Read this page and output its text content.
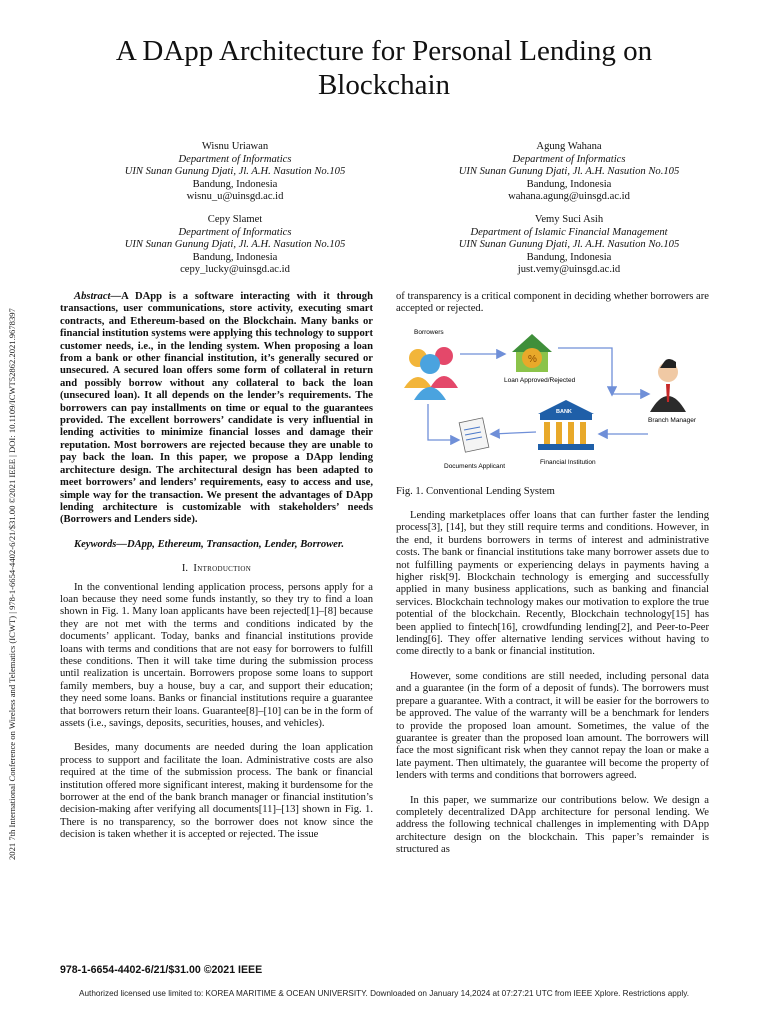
A DApp Architecture for Personal Lending on Blockchain
Wisnu Uriawan
Department of Informatics
UIN Sunan Gunung Djati, Jl. A.H. Nasution No.105
Bandung, Indonesia
wisnu_u@uinsgd.ac.id
Agung Wahana
Department of Informatics
UIN Sunan Gunung Djati, Jl. A.H. Nasution No.105
Bandung, Indonesia
wahana.agung@uinsgd.ac.id
Cepy Slamet
Department of Informatics
UIN Sunan Gunung Djati, Jl. A.H. Nasution No.105
Bandung, Indonesia
cepy_lucky@uinsgd.ac.id
Vemy Suci Asih
Department of Islamic Financial Management
UIN Sunan Gunung Djati, Jl. A.H. Nasution No.105
Bandung, Indonesia
just.vemy@uinsgd.ac.id
2021 7th International Conference on Wireless and Telematics (ICWT) | 978-1-6654-4402-6/21/$31.00 ©2021 IEEE | DOI: 10.1109/ICWT52862.2021.9678397

Abstract—A DApp is a software interacting with it through transactions, user communications, store activity, executing smart contracts, and Ethereum-based on the Blockchain. Many banks or financial institution systems were applying this technology to support customer needs, i.e., in the lending system. When proposing a loan from a bank or other financial institution, it’s generally secured or unsecured. A secured loan offers some form of collateral in return and possibly borrow without any collateral to back the loan (unsecured loan). It all depends on the lender’s requirements. The borrowers can pay installments on time or equal to the guarantees provided. The excellent borrowers’ candidate is very influential in lending activities to minimize financial losses and damage their reputation. Most borrowers are rejected because they are unable to pay back the loan. In this paper, we propose a DApp lending architecture design. The architectural design has been adapted to meet borrowers’ and lenders’ requirements, easy to access and use, simple way for the transaction. We present the advantages of DApp lending architecture is customizable with stakeholders’ needs (Borrowers and Lenders side).

Keywords—DApp, Ethereum, Transaction, Lender, Borrower.

I. Introduction

In the conventional lending application process, persons apply for a loan because they need some funds instantly, so they try to find a loan shown in Fig. 1. Many loan applicants have been rejected[1]–[8] because they are not met with the terms and conditions indicated by the documents’ applicant. Today, banks and financial institutions provide loans with terms and conditions that are not easy for borrowers to fulfill these conditions. Then it will take time during the submission process until realization is uncertain. Borrowers propose some loans to support family members, buy a house, buy a car, and support their education; they need some loans. Banks or financial institutions require a guarantee that borrowers return their loans. Guarantee[8]–[10] can be in the form of assets (i.e., savings, deposits, securities, houses, and vehicles).

Besides, many documents are needed during the loan application process to support and facilitate the loan. Administrative costs are also required at the time of the submission process. The bank or financial institution offered more significant interest, making it burdensome for the borrower at the end of the bank branch manager or financial institution’s decision-making after verifying all documents[11]–[13] shown in Fig. 1. There is no transparency, so the borrower does not know since the decision is taken whether it is accepted or rejected. The issue

of transparency is a critical component in deciding whether borrowers are accepted or rejected.

Borrowers
%
Loan Approved/Rejected
Branch Manager
Documents Applicant
BANK
Financial Institution
Fig. 1. Conventional Lending System

Lending marketplaces offer loans that can further faster the lending process[3], [14], but they still require terms and conditions. However, in the end, it burdens borrowers in terms of interest and administrative costs. The bank or financial institutions take many borrower assets due to not fulfilling payments or experiencing delays in payments having a higher risk[9]. Blockchain technology is emerging and successfully applied in many business applications, such as banking and financial services. Blockchain technology makes our motivation to explore the true potential of the blockchain. Recently, Blockchain technology[15] has been applied to fintech[16], crowdfunding lending[2], and Peer-to-Peer lending[6]. They offer alternative lending services without having to come directly to a bank or financial institution.

However, some conditions are still needed, including personal data and a guarantee (in the form of a deposit of funds). The borrowers must prepare a guarantee. With a contract, it will be easier for the borrowers to be approved. The value of the warranty will be a benchmark for lenders to provide the proposed loan amount. Sometimes, the value of the guarantee is greater than the proposed loan amount. The borrowers will face the most significant risk when they cannot repay the loan or make a late payment. Then ultimately, the guarantee will become the property of lenders with terms and conditions that borrowers agreed.

In this paper, we summarize our contributions below. We design a completely decentralized DApp architecture for personal lending. We address the following technical challenges in implementing with DApp architecture design on the blockchain. This paper’s remainder is structured as

978-1-6654-4402-6/21/$31.00 ©2021 IEEE
Authorized licensed use limited to: KOREA MARITIME & OCEAN UNIVERSITY. Downloaded on January 14,2024 at 07:27:21 UTC from IEEE Xplore. Restrictions apply.
